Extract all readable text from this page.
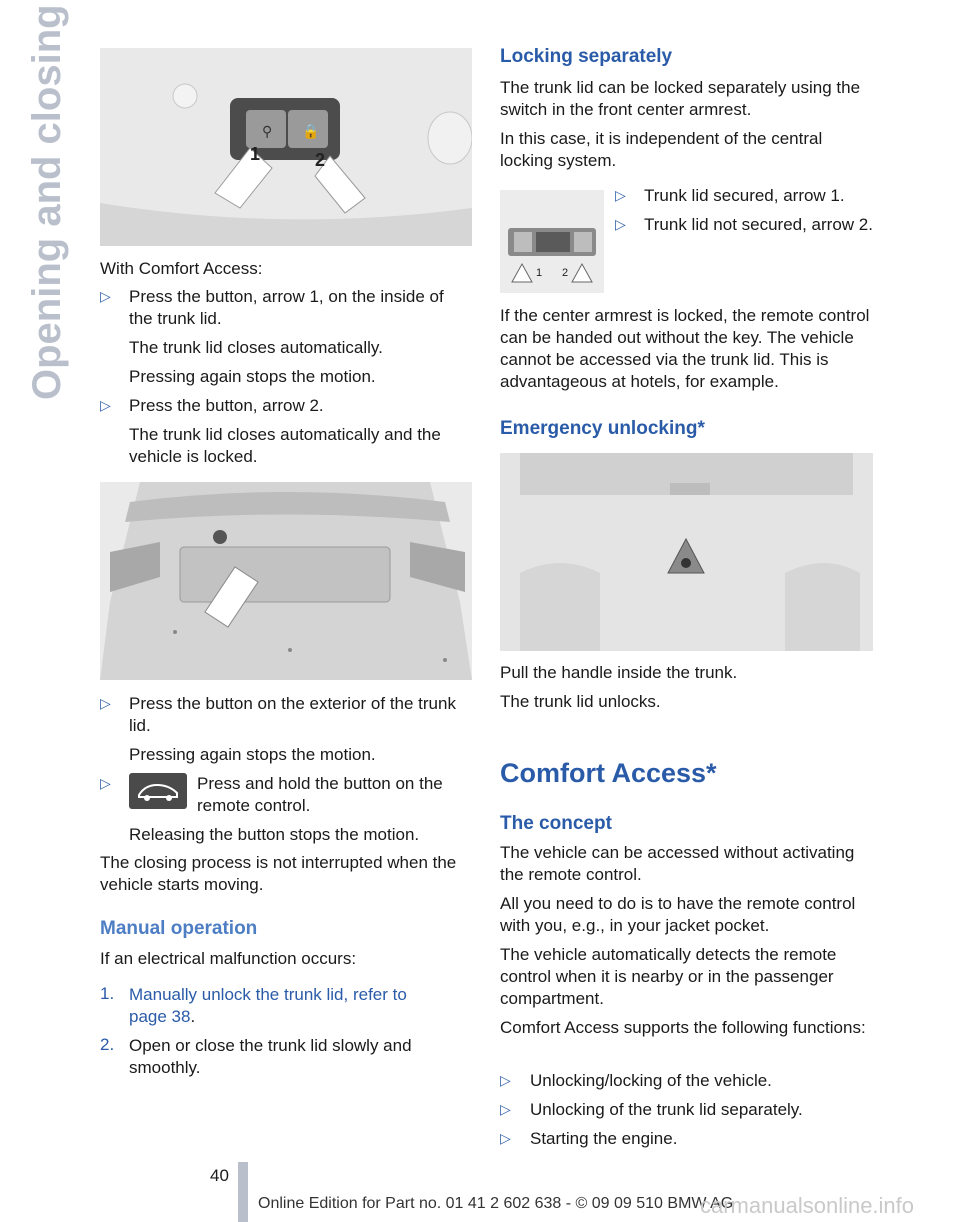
Opening and closing	⚲ 🔒
1	2

With Comfort Access:

▷ Press the button, arrow 1, on the inside of the trunk lid.

The trunk lid closes automatically.

Pressing again stops the motion.

▷ Press the button, arrow 2.

The trunk lid closes automatically and the vehicle is locked.

▷ Press the button on the exterior of the trunk lid.

Pressing again stops the motion.

▷	Press and hold the button on the remote control.

Releasing the button stops the motion.

The closing process is not interrupted when the vehicle starts moving.

Manual operation

If an electrical malfunction occurs:

1. Manually unlock the trunk lid, refer to
page 38.

2. Open or close the trunk lid slowly and smoothly.

Locking separately

The trunk lid can be locked separately using the switch in the front center armrest.

In this case, it is independent of the central locking system.

1 2
▷ Trunk lid secured, arrow 1.

▷ Trunk lid not secured, arrow 2.

If the center armrest is locked, the remote control can be handed out without the key. The vehicle cannot be accessed via the trunk lid. This is advantageous at hotels, for example.

Emergency unlocking*

Pull the handle inside the trunk.

The trunk lid unlocks.

Comfort Access*
The concept

The vehicle can be accessed without activating the remote control.

All you need to do is to have the remote control with you, e.g., in your jacket pocket.

The vehicle automatically detects the remote control when it is nearby or in the passenger compartment.

Comfort Access supports the following functions:

▷ Unlocking/locking of the vehicle.

▷ Unlocking of the trunk lid separately.

▷ Starting the engine.

40
Online Edition for Part no. 01 41 2 602 638 - © 09 09 510 BMW AG
carmanualsonline.info
